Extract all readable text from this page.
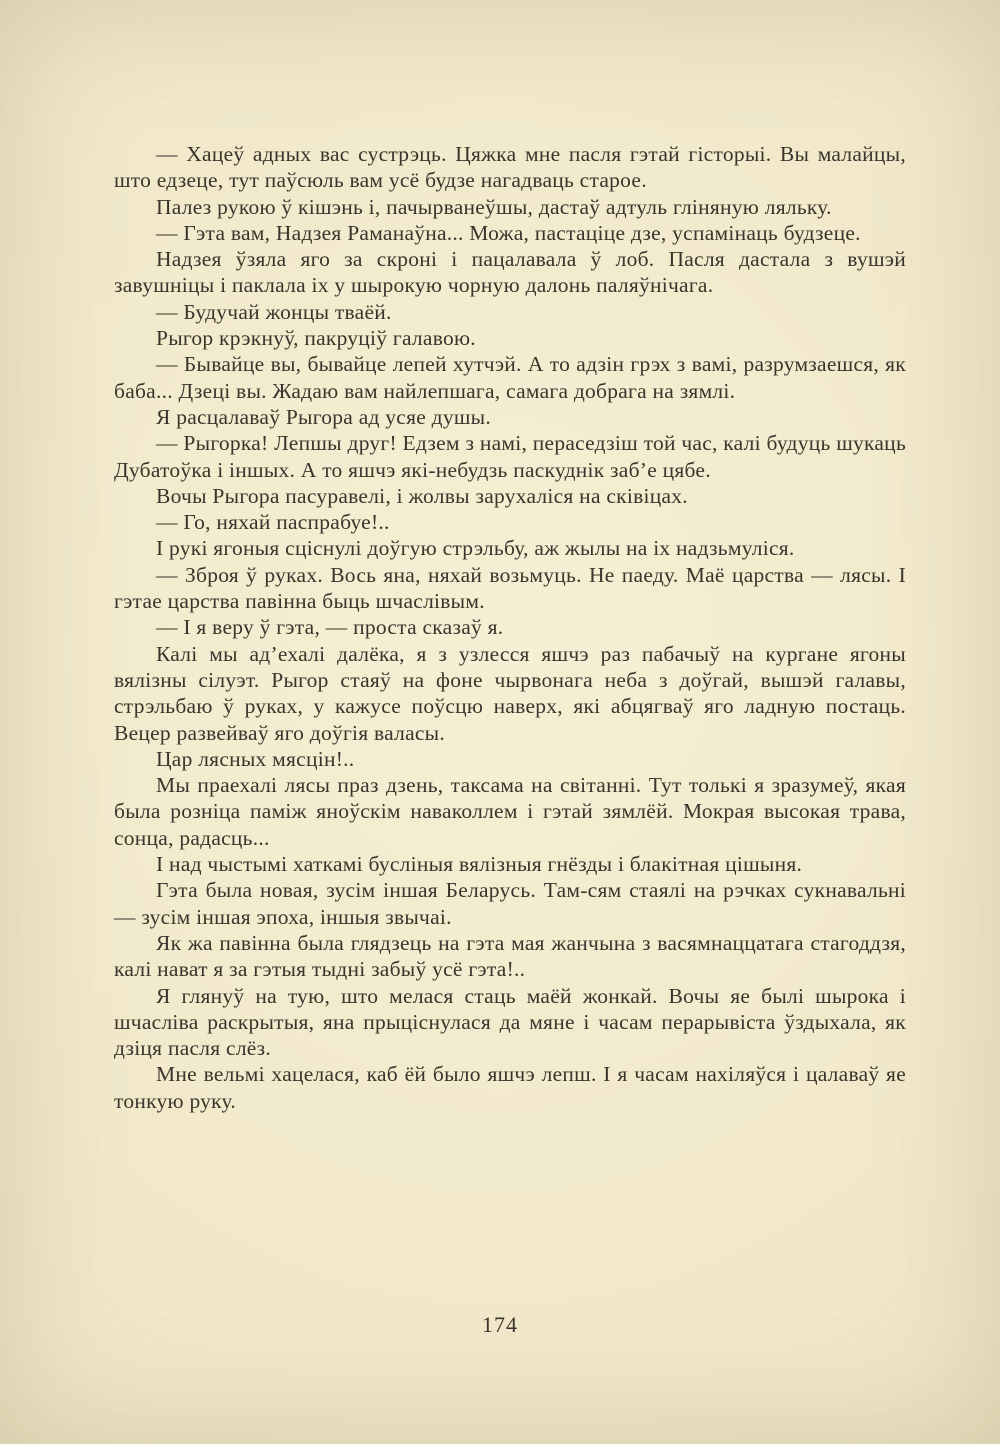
— Хацеў адных вас сустрэць. Цяжка мне пасля гэтай гісторыі. Вы малайцы, што едзеце, тут паўсюль вам усё будзе нагадваць старое.

Палез рукою ў кішэнь і, пачырванеўшы, дастаў адтуль гліняную ляльку.

— Гэта вам, Надзея Раманаўна... Можа, пастаціце дзе, успамінаць будзеце.

Надзея ўзяла яго за скроні і пацалавала ў лоб. Пасля дастала з вушэй завушніцы і паклала іх у шырокую чорную далонь паляўнічага.

— Будучай жонцы тваёй.

Рыгор крэкнуў, пакруціў галавою.

— Бывайце вы, бывайце лепей хутчэй. А то адзін грэх з вамі, разрумзаешся, як баба... Дзеці вы. Жадаю вам найлепшага, самага добрага на зямлі.

Я расцалаваў Рыгора ад усяе душы.

— Рыгорка! Лепшы друг! Едзем з намі, пераседзіш той час, калі будуць шукаць Дубатоўка і іншых. А то яшчэ які-небудзь паскуднік заб’е цябе.

Вочы Рыгора пасуравелі, і жолвы зарухаліся на сківіцах.

— Го, няхай паспрабуе!..

І рукі ягоныя сціснулі доўгую стрэльбу, аж жылы на іх надзьмуліся.

— Зброя ў руках. Вось яна, няхай возьмуць. Не паеду. Маё царства — лясы. І гэтае царства павінна быць шчаслівым.

— І я веру ў гэта, — проста сказаў я.

Калі мы ад’ехалі далёка, я з узлесся яшчэ раз пабачыў на кургане ягоны вялізны сілуэт. Рыгор стаяў на фоне чырвонага неба з доўгай, вышэй галавы, стрэльбаю ў руках, у кажусе поўсцю наверх, які абцягваў яго ладную постаць. Вецер развейваў яго доўгія валасы.

Цар лясных мясцін!..

Мы праехалі лясы праз дзень, таксама на світанні. Тут толькі я зразумеў, якая была розніца паміж яноўскім наваколлем і гэтай зямлёй. Мокрая высокая трава, сонца, радасць...

І над чыстымі хаткамі бусліныя вялізныя гнёзды і блакітная цішыня.

Гэта была новая, зусім іншая Беларусь. Там-сям стаялі на рэчках сукнавальні — зусім іншая эпоха, іншыя звычаі.

Як жа павінна была глядзець на гэта мая жанчына з васямнаццатага стагоддзя, калі нават я за гэтыя тыдні забыў усё гэта!..

Я глянуў на тую, што мелася стаць маёй жонкай. Вочы яе былі шырока і шчасліва раскрытыя, яна прыціснулася да мяне і часам перарывіста ўздыхала, як дзіця пасля слёз.

Мне вельмі хацелася, каб ёй было яшчэ лепш. І я часам нахіляўся і цалаваў яе тонкую руку.

174
